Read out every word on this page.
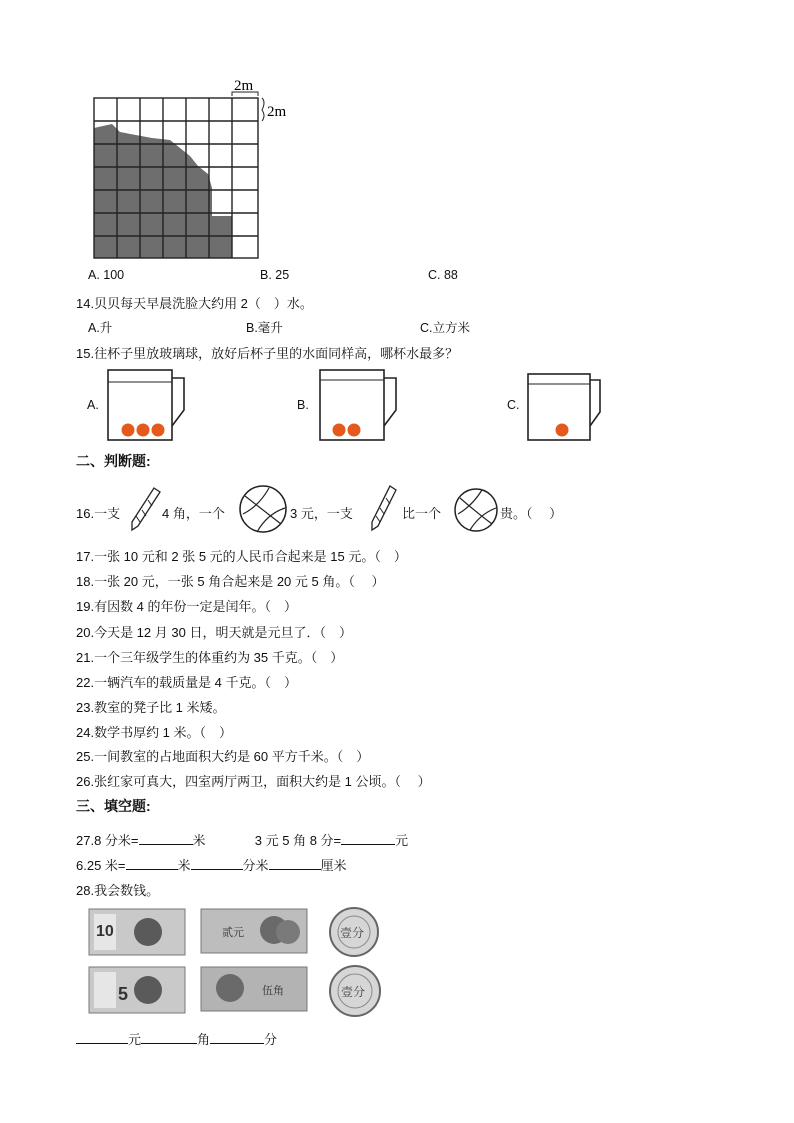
2m
2m
A. 100	B. 25	C. 88
14.贝贝每天早晨洗脸大约用 2（　）水。
A.升	B.毫升	C.立方米
15.往杯子里放玻璃球，放好后杯子里的水面同样高，哪杯水最多？
A.	B.	C.
二、判断题:
16.一支	4 角，一个	3 元，一支	比一个	贵。（　 ）
17.一张 10 元和 2 张 5 元的人民币合起来是 15 元。（　）
18.一张 20 元，一张 5 角合起来是 20 元 5 角。（　 ）
19.有因数 4 的年份一定是闰年。（　）
20.今天是 12 月 30 日，明天就是元旦了．（　）
21.一个三年级学生的体重约为 35 千克。（　）
22.一辆汽车的载质量是 4 千克。（　）
23.教室的凳子比 1 米矮。
24.数学书厚约 1 米。（　）
25.一间教室的占地面积大约是 60 平方千米。（　）
26.张红家可真大，四室两厅两卫，面积大约是 1 公顷。（　 ）
三、填空题:
27.8 分米=	米	3 元 5 角 8 分=	元
6.25 米=	米	分米	厘米
28.我会数钱。
10	贰元	壹分
5	伍角	壹分
元	角	分
